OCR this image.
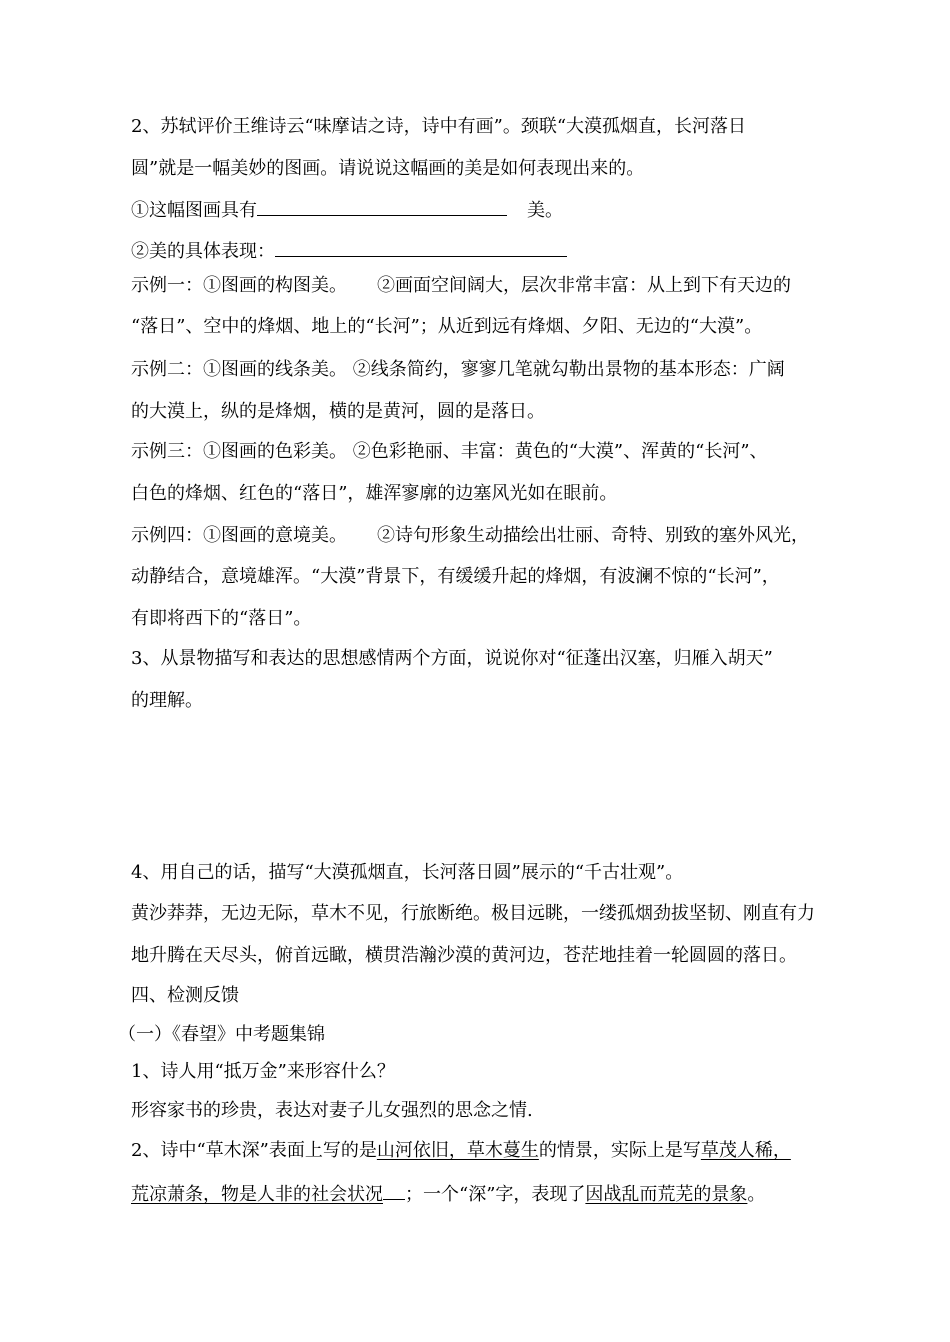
2、苏轼评价王维诗云“味摩诘之诗，诗中有画”。颈联“大漠孤烟直，长河落日
圆”就是一幅美妙的图画。请说说这幅画的美是如何表现出来的。
①这幅图画具有	美。
②美的具体表现：
示例一：①图画的构图美。 ②画面空间阔大，层次非常丰富：从上到下有天边的
“落日”、空中的烽烟、地上的“长河”；从近到远有烽烟、夕阳、无边的“大漠”。
示例二：①图画的线条美。 ②线条简约，寥寥几笔就勾勒出景物的基本形态：广阔
的大漠上，纵的是烽烟，横的是黄河，圆的是落日。
示例三：①图画的色彩美。 ②色彩艳丽、丰富：黄色的“大漠”、浑黄的“长河”、
白色的烽烟、红色的“落日”，雄浑寥廓的边塞风光如在眼前。
示例四：①图画的意境美。 ②诗句形象生动描绘出壮丽、奇特、别致的塞外风光，
动静结合，意境雄浑。“大漠”背景下，有缓缓升起的烽烟，有波澜不惊的“长河”，
有即将西下的“落日”。
3、从景物描写和表达的思想感情两个方面，说说你对“征蓬出汉塞，归雁入胡天”
的理解。
4、用自己的话，描写“大漠孤烟直，长河落日圆”展示的“千古壮观”。
黄沙莽莽，无边无际，草木不见，行旅断绝。极目远眺，一缕孤烟劲拔坚韧、刚直有力
地升腾在天尽头，俯首远瞰，横贯浩瀚沙漠的黄河边，苍茫地挂着一轮圆圆的落日。
四、检测反馈
（一）《春望》中考题集锦
1、诗人用“抵万金”来形容什么？
形容家书的珍贵，表达对妻子儿女强烈的思念之情.
2、诗中“草木深”表面上写的是山河依旧，草木蔓生的情景，实际上是写草茂人稀，
荒凉萧条，物是人非的社会状况 ；一个“深”字，表现了因战乱而荒芜的景象。
